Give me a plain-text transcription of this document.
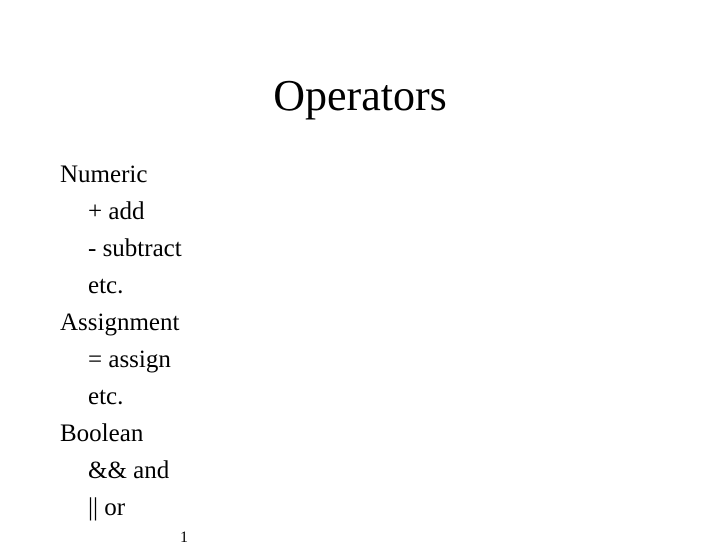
Operators
Numeric
+ add
- subtract
etc.
Assignment
= assign
etc.
Boolean
&& and
|| or
1
